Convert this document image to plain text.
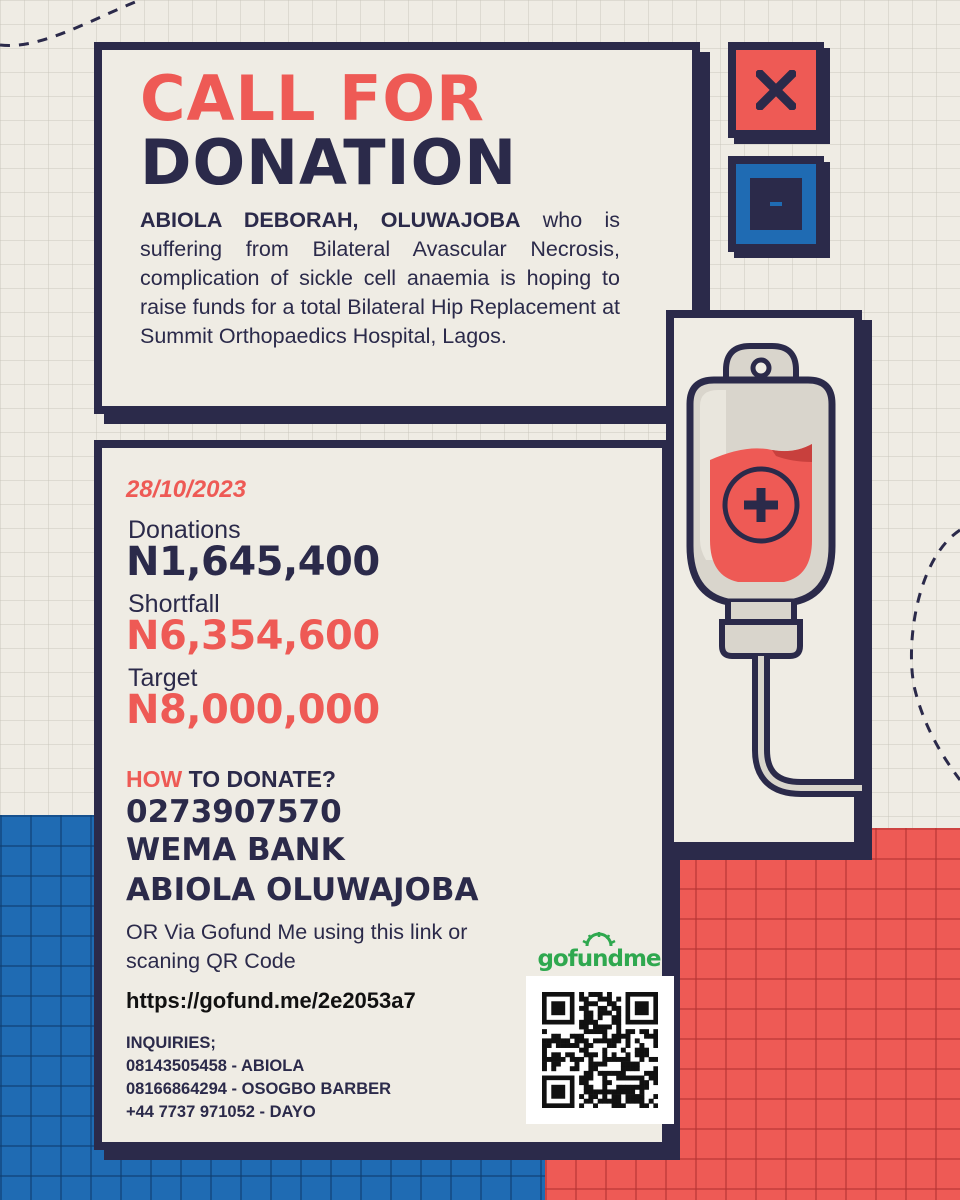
CALL FOR
DONATION
ABIOLA DEBORAH, OLUWAJOBA who is suffering from Bilateral Avascular Necrosis, complication of sickle cell anaemia is hoping to raise funds for a total Bilateral Hip Replacement at Summit Orthopaedics Hospital, Lagos.
28/10/2023
Donations
N1,645,400
Shortfall
N6,354,600
Target
N8,000,000
HOW TO DONATE?
0273907570
WEMA BANK
ABIOLA OLUWAJOBA
OR Via Gofund Me using this link or scaning QR Code
https://gofund.me/2e2053a7
INQUIRIES;
08143505458 - ABIOLA
08166864294 - OSOGBO BARBER
+44 7737 971052 - DAYO
gofundme
